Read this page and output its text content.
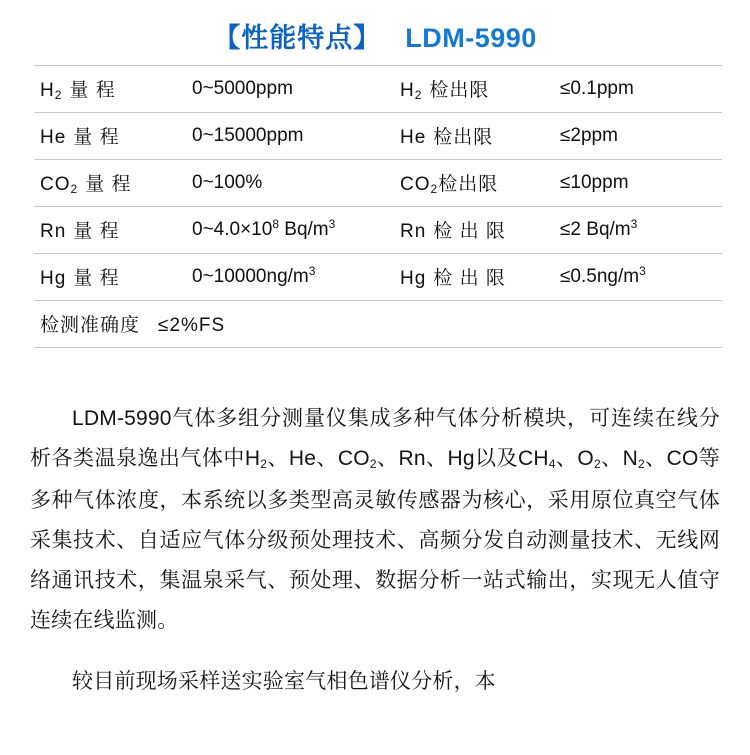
【性能特点】 LDM-5990
$H_2$ 量 程	0~5000ppm	$H_2$ 检出限	≤0.1ppm
He 量 程	0~15000ppm	He 检出限	≤2ppm
$CO_2$ 量 程	0~100%	$CO_2$检出限	≤10ppm
Rn 量 程	$0\sim 4.0\times 10^8$ $Bq/m^3$	Rn 检 出 限	≤2 $Bq/m^3$
Hg 量 程	$0\sim 10000ng/m^3$	Hg 检 出 限	$\le 0.5ng/m^3$
检测准确度 ≤2%FS			

LDM-5990气体多组分测量仪集成多种气体分析模块，可连续在线分析各类温泉逸出气体中$H_2$、He、$CO_2$、Rn、Hg以及$CH_4$、$O_2$、$N_2$、CO等多种气体浓度，本系统以多类型高灵敏传感器为核心，采用原位真空气体采集技术、自适应气体分级预处理技术、高频分发自动测量技术、无线网络通讯技术，集温泉采气、预处理、数据分析一站式输出，实现无人值守连续在线监测。

较目前现场采样送实验室气相色谱仪分析，本
